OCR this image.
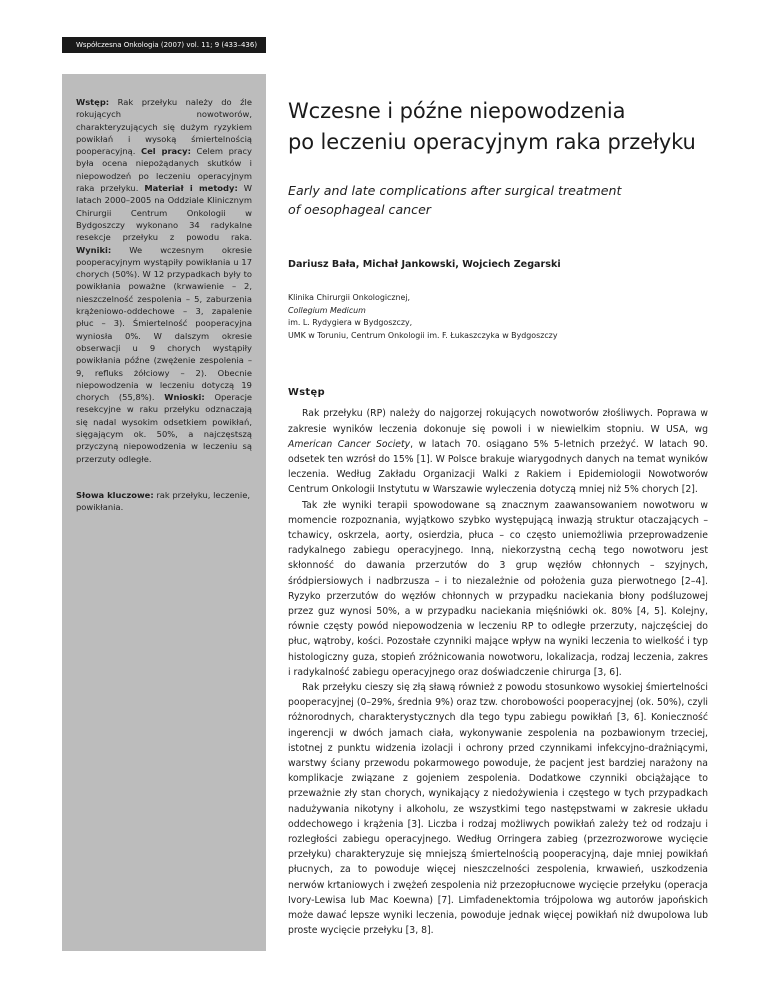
Współczesna Onkologia (2007) vol. 11; 9 (433–436)

Wstęp: Rak przełyku należy do źle rokujących nowotworów, charakteryzujących się dużym ryzykiem powikłań i wysoką śmiertelnością pooperacyjną. Cel pracy: Celem pracy była ocena niepożądanych skutków i niepowodzeń po leczeniu operacyjnym raka przełyku. Materiał i metody: W latach 2000–2005 na Oddziale Klinicznym Chirurgii Centrum Onkologii w Bydgoszczy wykonano 34 radykalne resekcje przełyku z powodu raka. Wyniki: We wczesnym okresie pooperacyjnym wystąpiły powikłania u 17 chorych (50%). W 12 przypadkach były to powikłania poważne (krwawienie – 2, nieszczelność zespolenia – 5, zaburzenia krążeniowo-oddechowe – 3, zapalenie płuc – 3). Śmiertelność pooperacyjna wyniosła 0%. W dalszym okresie obserwacji u 9 chorych wystąpiły powikłania późne (zwężenie zespolenia – 9, refluks żółciowy – 2). Obecnie niepowodzenia w leczeniu dotyczą 19 chorych (55,8%). Wnioski: Operacje resekcyjne w raku przełyku odznaczają się nadal wysokim odsetkiem powikłań, sięgającym ok. 50%, a najczęstszą przyczyną niepowodzenia w leczeniu są przerzuty odległe.

Słowa kluczowe: rak przełyku, leczenie, powikłania.

Wczesne i późne niepowodzenia
po leczeniu operacyjnym raka przełyku
Early and late complications after surgical treatment
of oesophageal cancer
Dariusz Bała, Michał Jankowski, Wojciech Zegarski
Klinika Chirurgii Onkologicznej,
Collegium Medicum
im. L. Rydygiera w Bydgoszczy,
UMK w Toruniu, Centrum Onkologii im. F. Łukaszczyka w Bydgoszczy
Wstęp

Rak przełyku (RP) należy do najgorzej rokujących nowotworów złośliwych. Poprawa w zakresie wyników leczenia dokonuje się powoli i w niewielkim stopniu. W USA, wg American Cancer Society, w latach 70. osiągano 5% 5-letnich przeżyć. W latach 90. odsetek ten wzrósł do 15% [1]. W Polsce brakuje wiarygodnych danych na temat wyników leczenia. Według Zakładu Organizacji Walki z Rakiem i Epidemiologii Nowotworów Centrum Onkologii Instytutu w Warszawie wyleczenia dotyczą mniej niż 5% chorych [2].

Tak złe wyniki terapii spowodowane są znacznym zaawansowaniem nowotworu w momencie rozpoznania, wyjątkowo szybko występującą inwazją struktur otaczających – tchawicy, oskrzela, aorty, osierdzia, płuca – co często uniemożliwia przeprowadzenie radykalnego zabiegu operacyjnego. Inną, niekorzystną cechą tego nowotworu jest skłonność do dawania przerzutów do 3 grup węzłów chłonnych – szyjnych, śródpiersiowych i nadbrzusza – i to niezależnie od położenia guza pierwotnego [2–4]. Ryzyko przerzutów do węzłów chłonnych w przypadku naciekania błony podśluzowej przez guz wynosi 50%, a w przypadku naciekania mięśniówki ok. 80% [4, 5]. Kolejny, równie częsty powód niepowodzenia w leczeniu RP to odległe przerzuty, najczęściej do płuc, wątroby, kości. Pozostałe czynniki mające wpływ na wyniki leczenia to wielkość i typ histologiczny guza, stopień zróżnicowania nowotworu, lokalizacja, rodzaj leczenia, zakres i radykalność zabiegu operacyjnego oraz doświadczenie chirurga [3, 6].

Rak przełyku cieszy się złą sławą również z powodu stosunkowo wysokiej śmiertelności pooperacyjnej (0–29%, średnia 9%) oraz tzw. chorobowości pooperacyjnej (ok. 50%), czyli różnorodnych, charakterystycznych dla tego typu zabiegu powikłań [3, 6]. Konieczność ingerencji w dwóch jamach ciała, wykonywanie zespolenia na pozbawionym trzeciej, istotnej z punktu widzenia izolacji i ochrony przed czynnikami infekcyjno-drażniącymi, warstwy ściany przewodu pokarmowego powoduje, że pacjent jest bardziej narażony na komplikacje związane z gojeniem zespolenia. Dodatkowe czynniki obciążające to przeważnie zły stan chorych, wynikający z niedożywienia i częstego w tych przypadkach nadużywania nikotyny i alkoholu, ze wszystkimi tego następstwami w zakresie układu oddechowego i krążenia [3]. Liczba i rodzaj możliwych powikłań zależy też od rodzaju i rozległości zabiegu operacyjnego. Według Orringera zabieg (przezrozworowe wycięcie przełyku) charakteryzuje się mniejszą śmiertelnością pooperacyjną, daje mniej powikłań płucnych, za to powoduje więcej nieszczelności zespolenia, krwawień, uszkodzenia nerwów krtaniowych i zwężeń zespolenia niż przezopłucnowe wycięcie przełyku (operacja Ivory-Lewisa lub Mac Koewna) [7]. Limfadenektomia trójpolowa wg autorów japońskich może dawać lepsze wyniki leczenia, powoduje jednak więcej powikłań niż dwupolowa lub proste wycięcie przełyku [3, 8].
